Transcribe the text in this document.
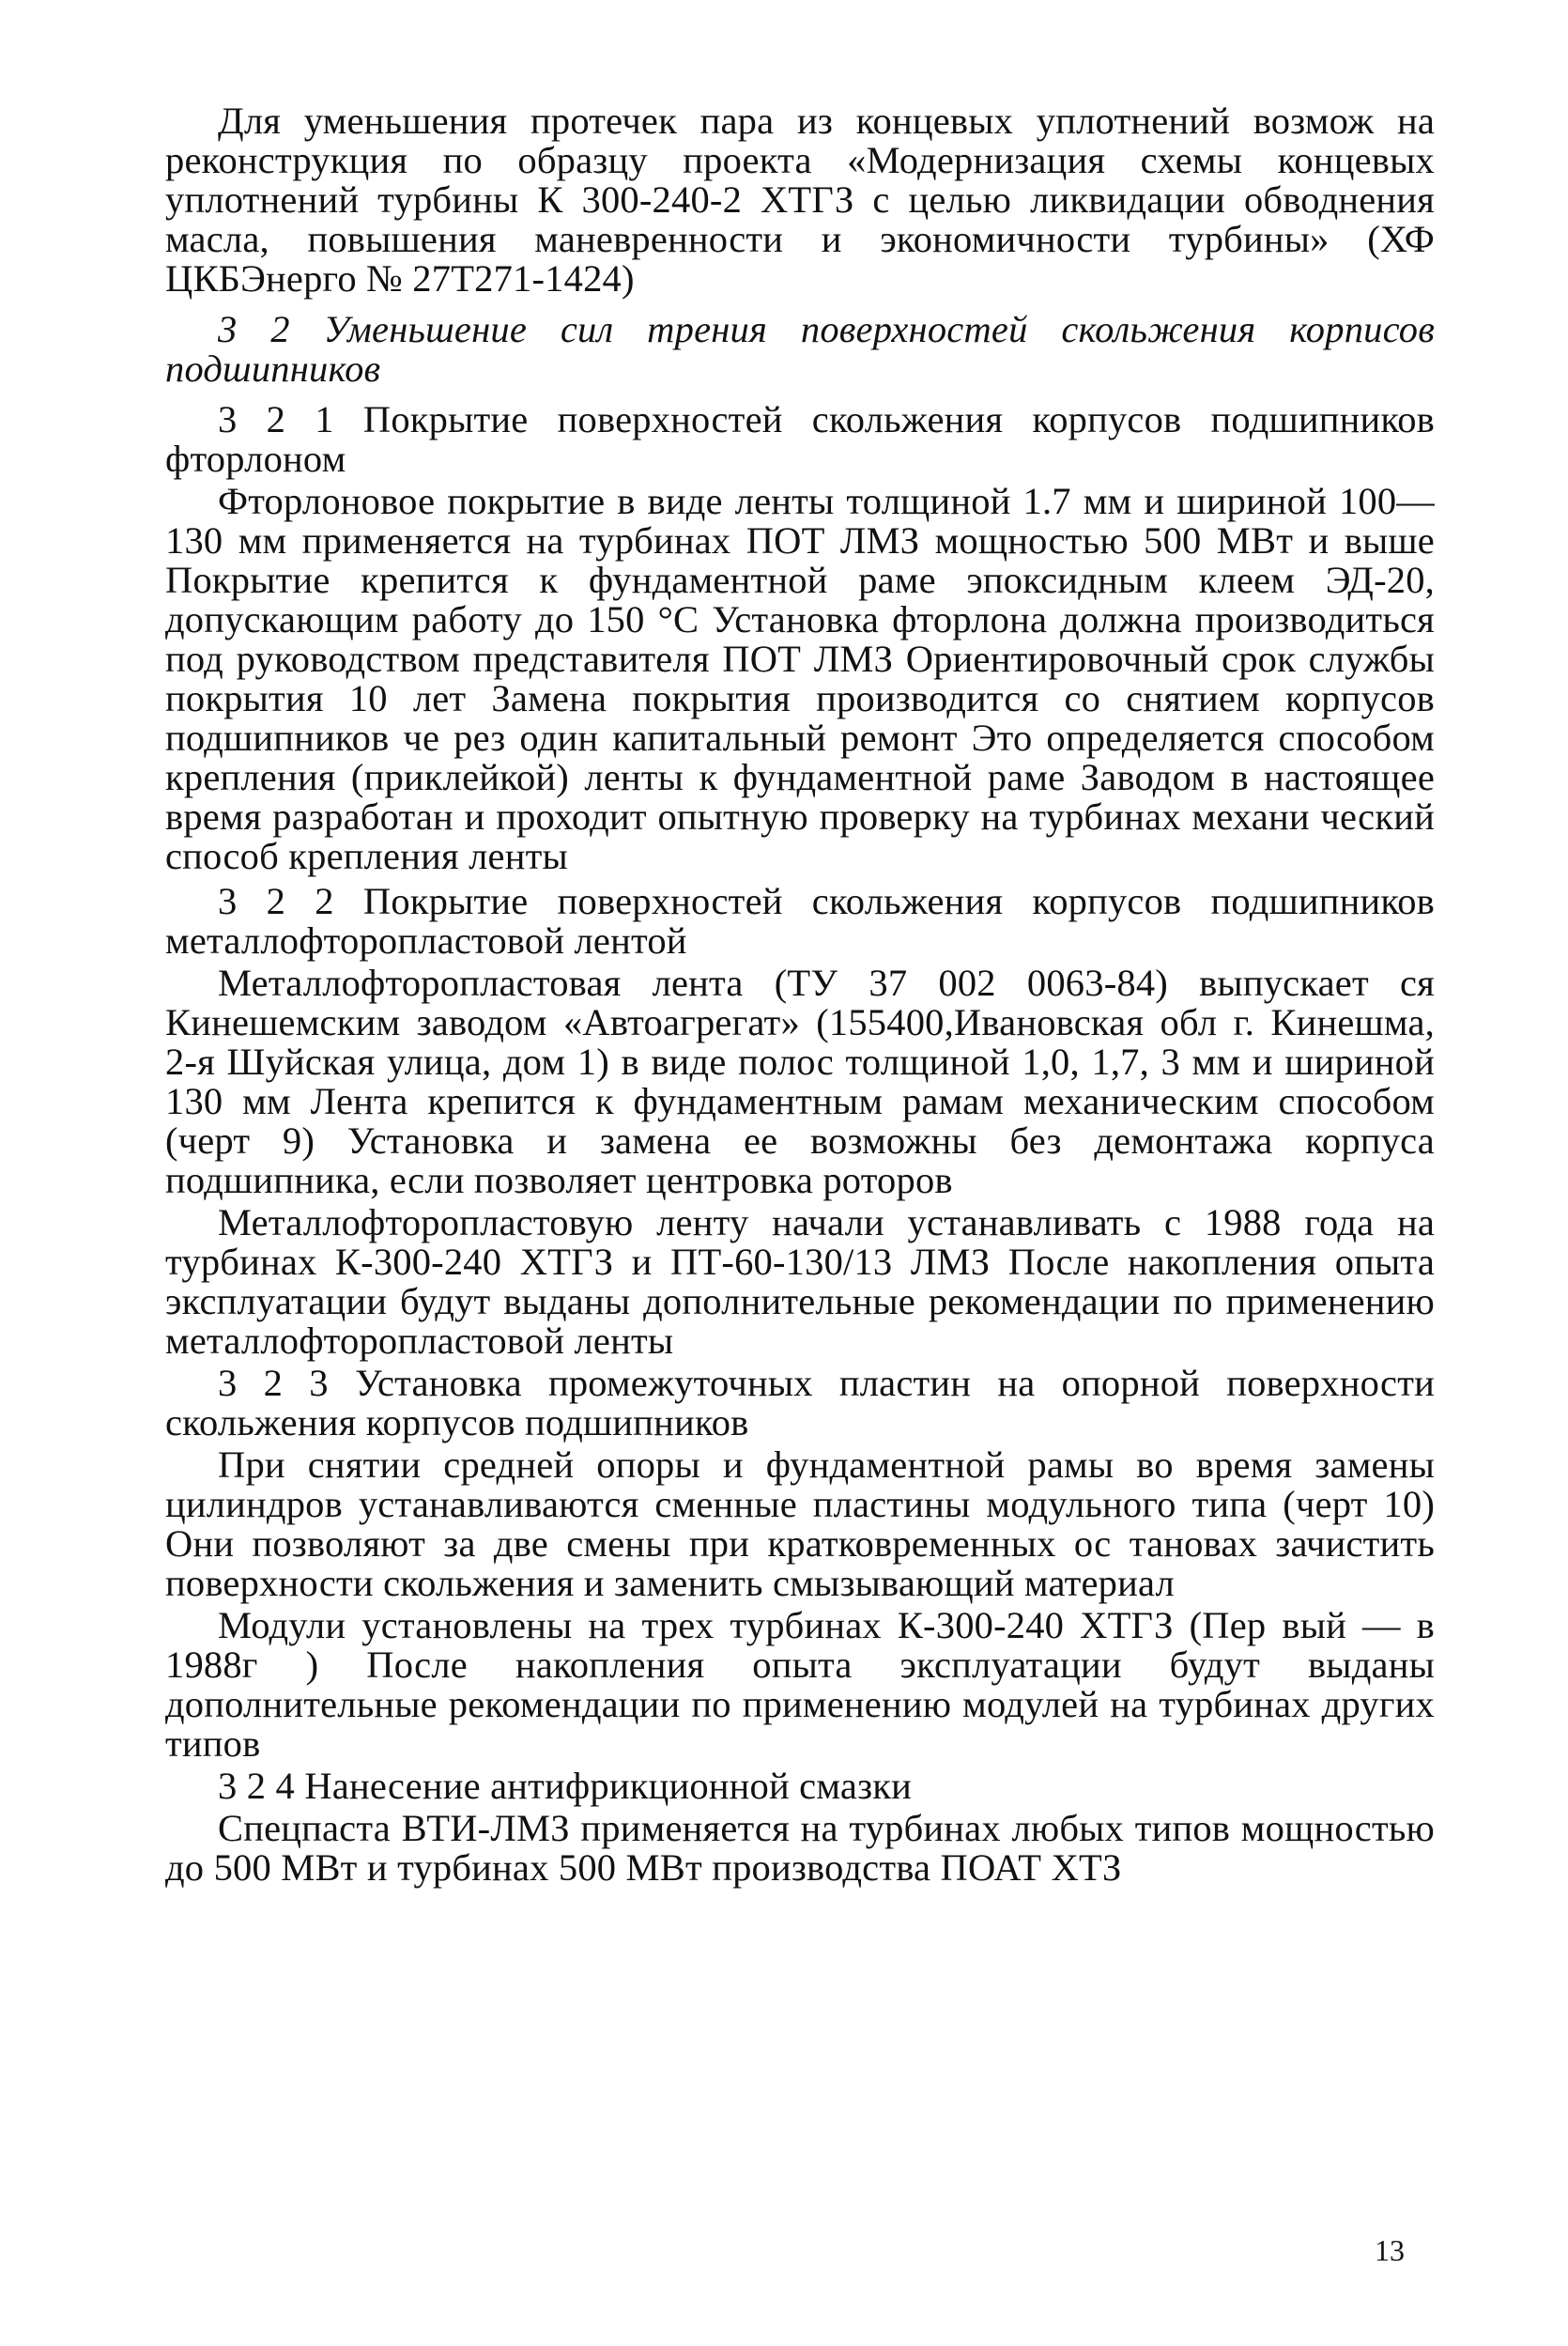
Для уменьшения протечек пара из концевых уплотнений возмож на реконструкция по образцу проекта «Модернизация схемы концевых уплотнений турбины К 300-240-2 ХТГЗ с целью ликвидации обводнения масла, повышения маневренности и экономичности турбины» (ХФ ЦКБЭнерго № 27Т271-1424)

3 2 Уменьшение сил трения поверхностей скольжения корписов подшипников

3 2 1 Покрытие поверхностей скольжения корпусов подшипников фторлоном

Фторлоновое покрытие в виде ленты толщиной 1.7 мм и шириной 100—130 мм применяется на турбинах ПОТ ЛМЗ мощностью 500 МВт и выше Покрытие крепится к фундаментной раме эпоксидным клеем ЭД-20, допускающим работу до 150 °С Установка фторлона должна производиться под руководством представителя ПОТ ЛМЗ Ориентировочный срок службы покрытия 10 лет Замена покрытия производится со снятием корпусов подшипников че рез один капитальный ремонт Это определяется способом крепления (приклейкой) ленты к фундаментной раме Заводом в настоящее время разработан и проходит опытную проверку на турбинах механи ческий способ крепления ленты

3 2 2 Покрытие поверхностей скольжения корпусов подшипников металлофторопластовой лентой

Металлофторопластовая лента (ТУ 37 002 0063-84) выпускает ся Кинешемским заводом «Автоагрегат» (155400,Ивановская обл г. Кинешма, 2-я Шуйская улица, дом 1) в виде полос толщиной 1,0, 1,7, 3 мм и шириной 130 мм Лента крепится к фундаментным рамам механическим способом (черт 9) Установка и замена ее возможны без демонтажа корпуса подшипника, если позволяет центровка роторов

Металлофторопластовую ленту начали устанавливать с 1988 года на турбинах К-300-240 ХТГЗ и ПТ-60-130/13 ЛМЗ После накопления опыта эксплуатации будут выданы дополнительные рекомендации по применению металлофторопластовой ленты

3 2 3 Установка промежуточных пластин на опорной поверхности скольжения корпусов подшипников

При снятии средней опоры и фундаментной рамы во время замены цилиндров устанавливаются сменные пластины модульного типа (черт 10) Они позволяют за две смены при кратковременных ос тановах зачистить поверхности скольжения и заменить смызывающий материал

Модули установлены на трех турбинах К-300-240 ХТГЗ (Пер вый — в 1988г ) После накопления опыта эксплуатации будут выданы дополнительные рекомендации по применению модулей на турбинах других типов

3 2 4 Нанесение антифрикционной смазки

Спецпаста ВТИ-ЛМЗ применяется на турбинах любых типов мощностью до 500 МВт и турбинах 500 МВт производства ПОАТ ХТЗ

13
